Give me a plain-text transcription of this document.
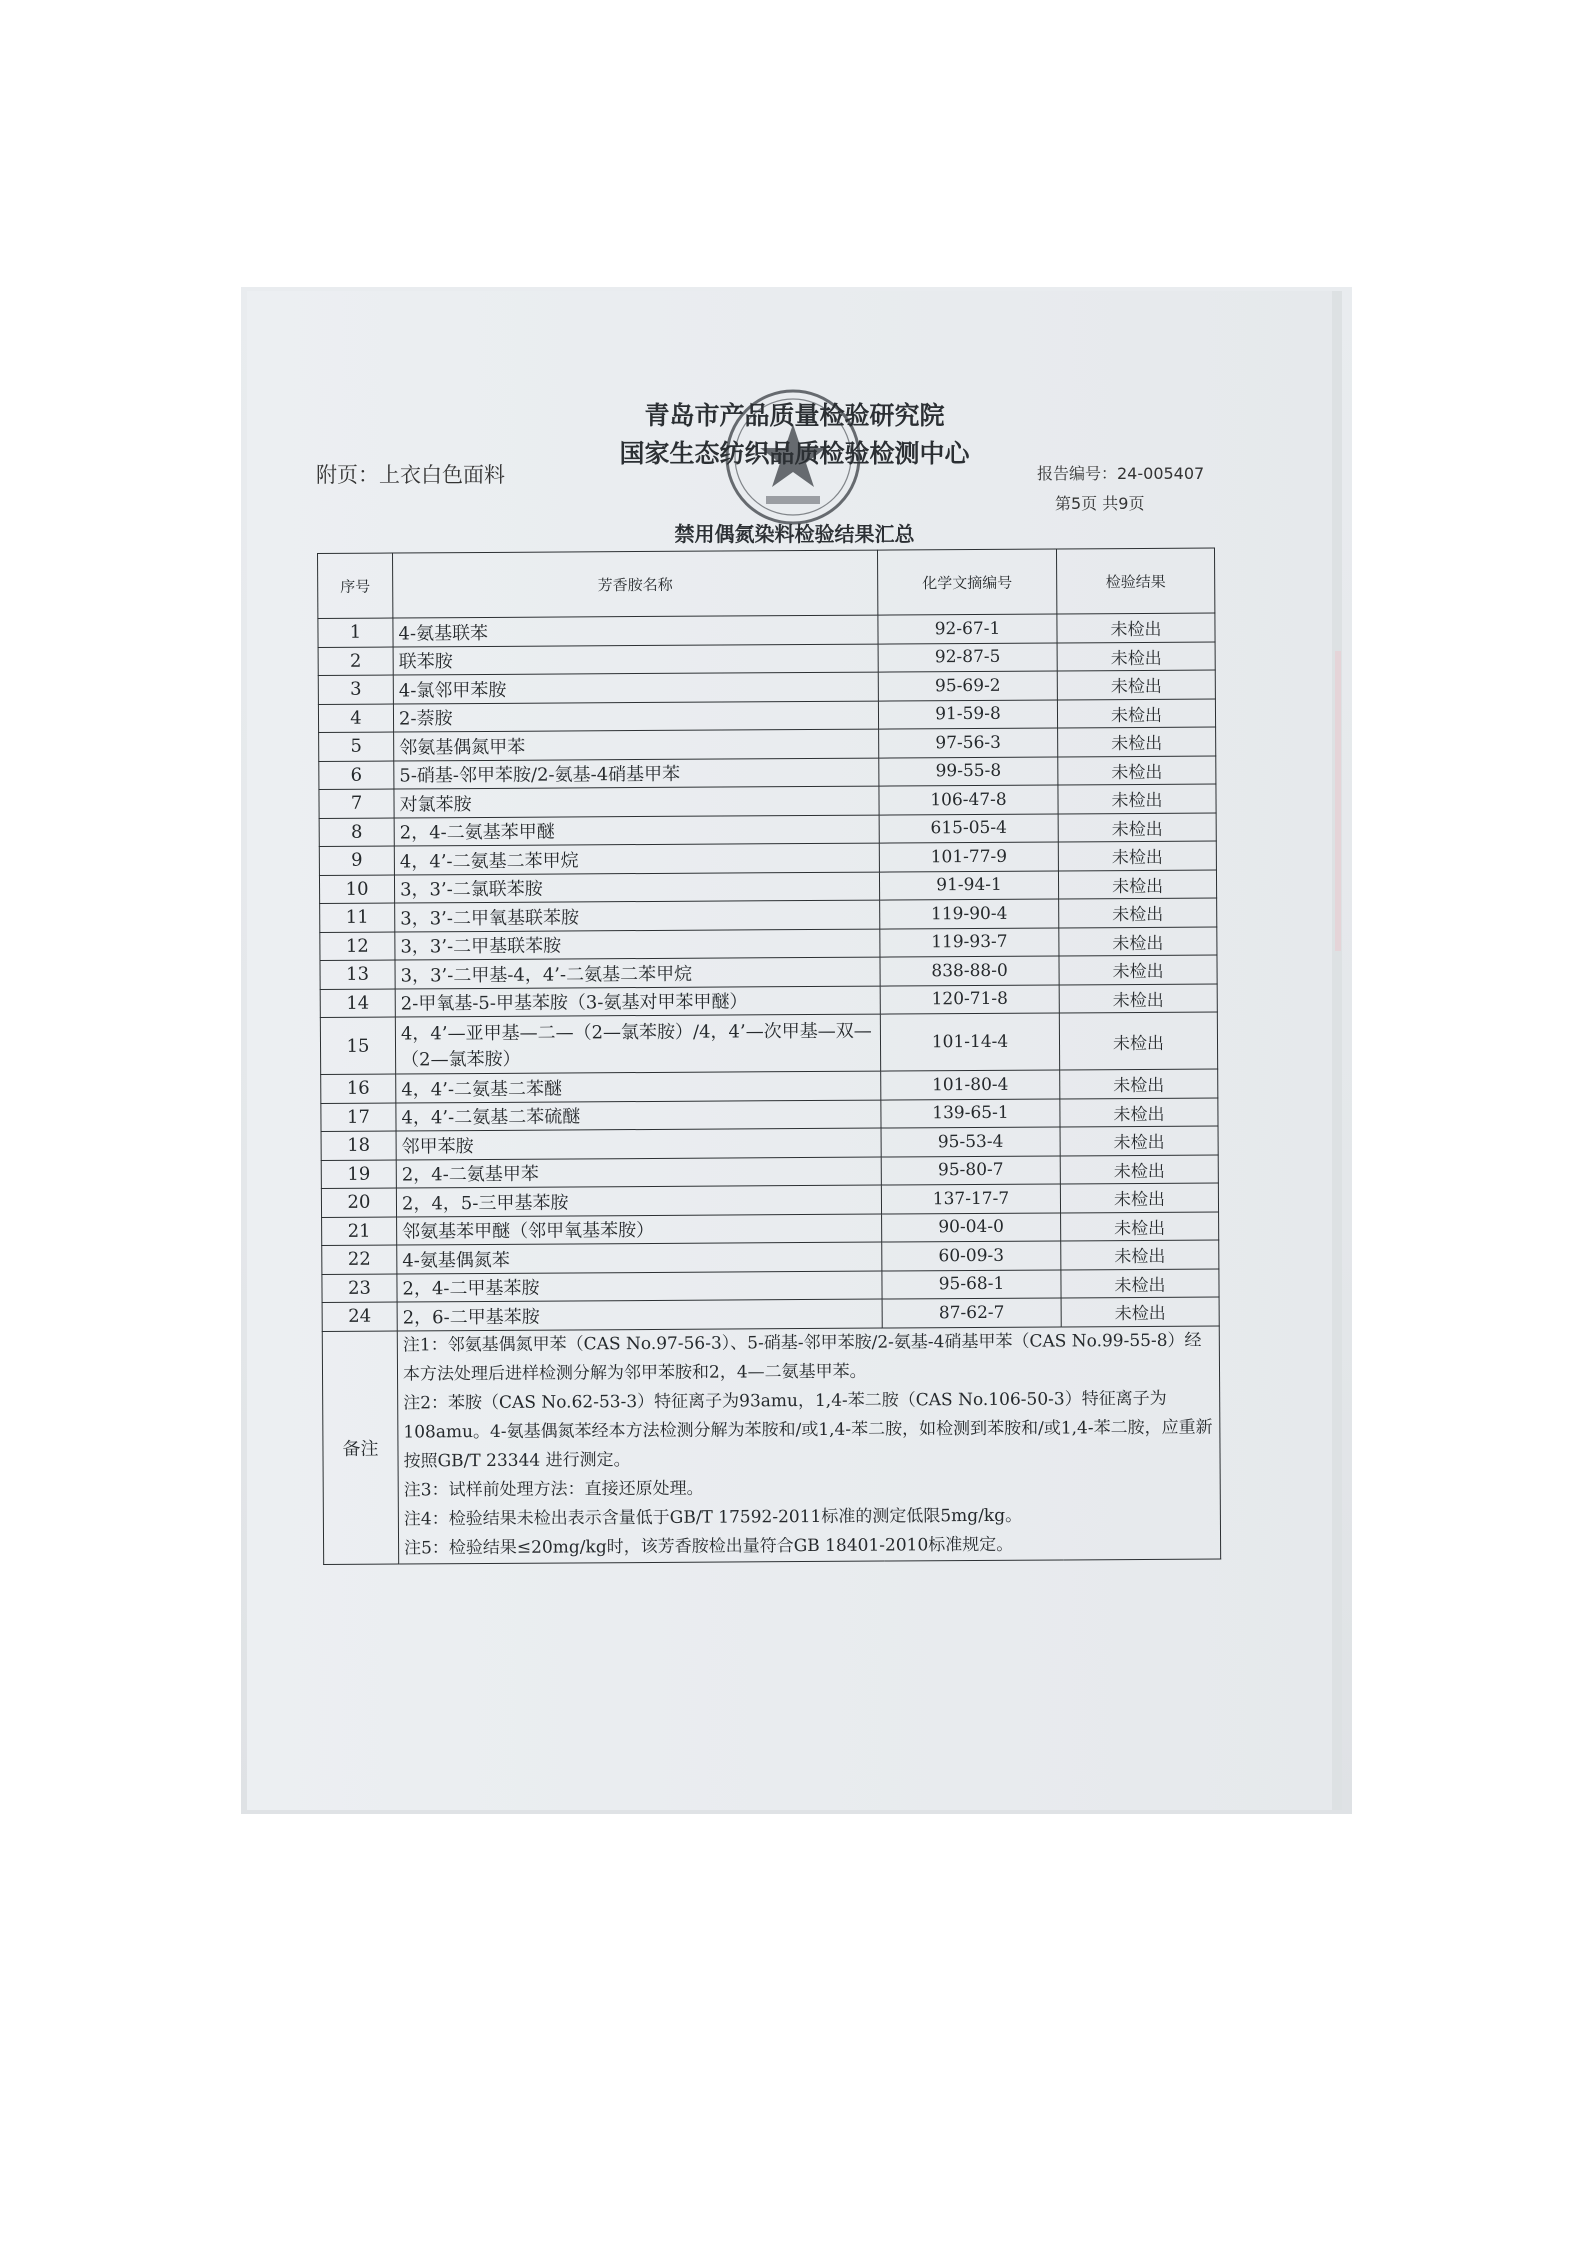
青岛市产品质量检验研究院
国家生态纺织品质检验检测中心
附页：上衣白色面料	报告编号：24-005407
第5页 共9页
禁用偶氮染料检验结果汇总
序号	芳香胺名称	化学文摘编号	检验结果
1	4-氨基联苯	92-67-1	未检出
2	联苯胺	92-87-5	未检出
3	4-氯邻甲苯胺	95-69-2	未检出
4	2-萘胺	91-59-8	未检出
5	邻氨基偶氮甲苯	97-56-3	未检出
6	5-硝基-邻甲苯胺/2-氨基-4硝基甲苯	99-55-8	未检出
7	对氯苯胺	106-47-8	未检出
8	2，4-二氨基苯甲醚	615-05-4	未检出
9	4，4’-二氨基二苯甲烷	101-77-9	未检出
10	3，3’-二氯联苯胺	91-94-1	未检出
11	3，3’-二甲氧基联苯胺	119-90-4	未检出
12	3，3’-二甲基联苯胺	119-93-7	未检出
13	3，3’-二甲基-4，4’-二氨基二苯甲烷	838-88-0	未检出
14	2-甲氧基-5-甲基苯胺（3-氨基对甲苯甲醚）	120-71-8	未检出
15	4，4’—亚甲基—二—（2—氯苯胺）/4，4’—次甲基—双—（2—氯苯胺）	101-14-4	未检出
16	4，4’-二氨基二苯醚	101-80-4	未检出
17	4，4’-二氨基二苯硫醚	139-65-1	未检出
18	邻甲苯胺	95-53-4	未检出
19	2，4-二氨基甲苯	95-80-7	未检出
20	2，4，5-三甲基苯胺	137-17-7	未检出
21	邻氨基苯甲醚（邻甲氧基苯胺）	90-04-0	未检出
22	4-氨基偶氮苯	60-09-3	未检出
23	2，4-二甲基苯胺	95-68-1	未检出
24	2，6-二甲基苯胺	87-62-7	未检出
备注	注1：邻氨基偶氮甲苯（CAS No.97-56-3）、5-硝基-邻甲苯胺/2-氨基-4硝基甲苯（CAS No.99-55-8）经本方法处理后进样检测分解为邻甲苯胺和2，4—二氨基甲苯。
注2：苯胺（CAS No.62-53-3）特征离子为93amu，1,4-苯二胺（CAS No.106-50-3）特征离子为108amu。4-氨基偶氮苯经本方法检测分解为苯胺和/或1,4-苯二胺，如检测到苯胺和/或1,4-苯二胺，应重新按照GB/T 23344 进行测定。
注3：试样前处理方法：直接还原处理。
注4：检验结果未检出表示含量低于GB/T 17592-2011标准的测定低限5mg/kg。
注5：检验结果≤20mg/kg时，该芳香胺检出量符合GB 18401-2010标准规定。		
